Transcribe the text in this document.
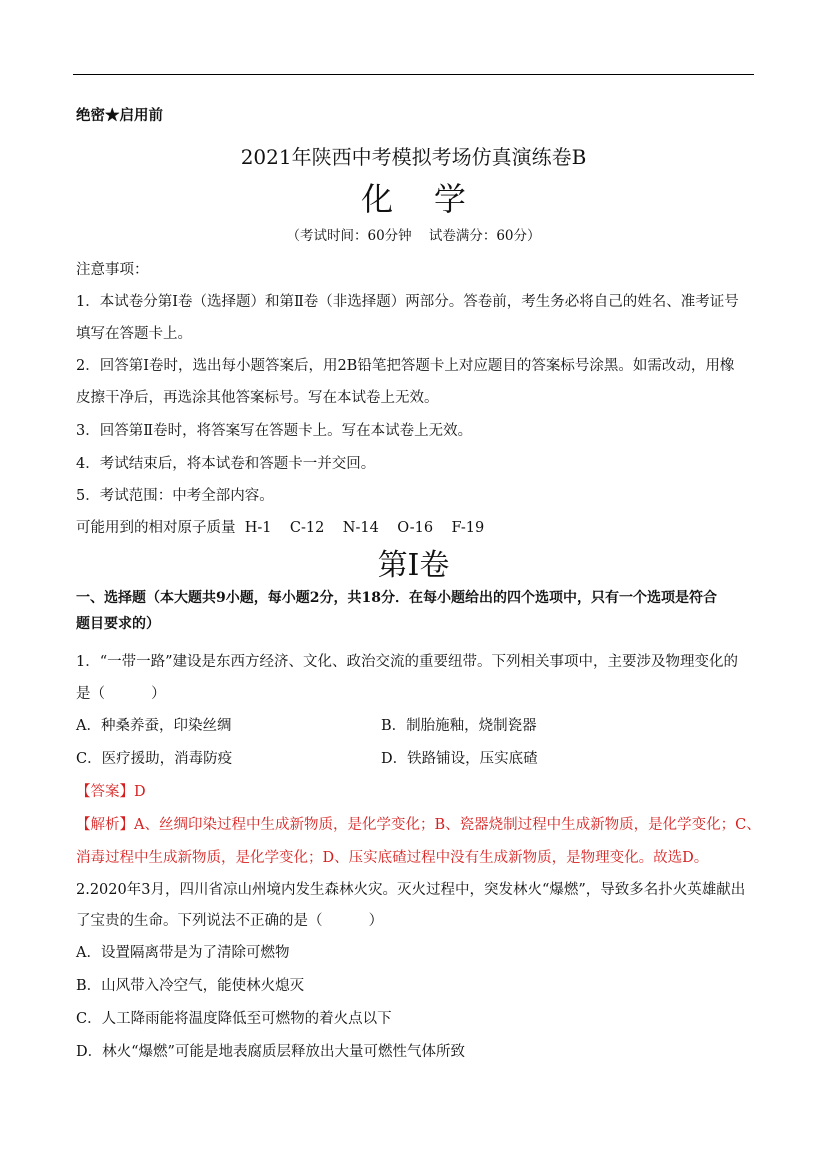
绝密★启用前
2021年陕西中考模拟考场仿真演练卷B
化    学
（考试时间：60分钟    试卷满分：60分）
注意事项：
1．本试卷分第Ⅰ卷（选择题）和第Ⅱ卷（非选择题）两部分。答卷前，考生务必将自己的姓名、准考证号
填写在答题卡上。
2．回答第Ⅰ卷时，选出每小题答案后，用2B铅笔把答题卡上对应题目的答案标号涂黑。如需改动，用橡
皮擦干净后，再选涂其他答案标号。写在本试卷上无效。
3．回答第Ⅱ卷时，将答案写在答题卡上。写在本试卷上无效。
4．考试结束后，将本试卷和答题卡一并交回。
5．考试范围：中考全部内容。
可能用到的相对原子质量  H-1    C-12    N-14    O-16    F-19
第Ⅰ卷
一、选择题（本大题共9小题，每小题2分，共18分．在每小题给出的四个选项中，只有一个选项是符合
题目要求的）
1．“一带一路”建设是东西方经济、文化、政治交流的重要纽带。下列相关事项中，主要涉及物理变化的
是（          ）
A．种桑养蚕，印染丝绸	B．制胎施釉，烧制瓷器
C．医疗援助，消毒防疫	D．铁路铺设，压实底碴
【答案】D
【解析】A、丝绸印染过程中生成新物质，是化学变化；B、瓷器烧制过程中生成新物质，是化学变化；C、
消毒过程中生成新物质，是化学变化；D、压实底碴过程中没有生成新物质，是物理变化。故选D。
2.2020年3月，四川省凉山州境内发生森林火灾。灭火过程中，突发林火“爆燃”，导致多名扑火英雄献出
了宝贵的生命。下列说法不正确的是（          ）
A．设置隔离带是为了清除可燃物
B．山风带入冷空气，能使林火熄灭
C．人工降雨能将温度降低至可燃物的着火点以下
D．林火“爆燃”可能是地表腐质层释放出大量可燃性气体所致
